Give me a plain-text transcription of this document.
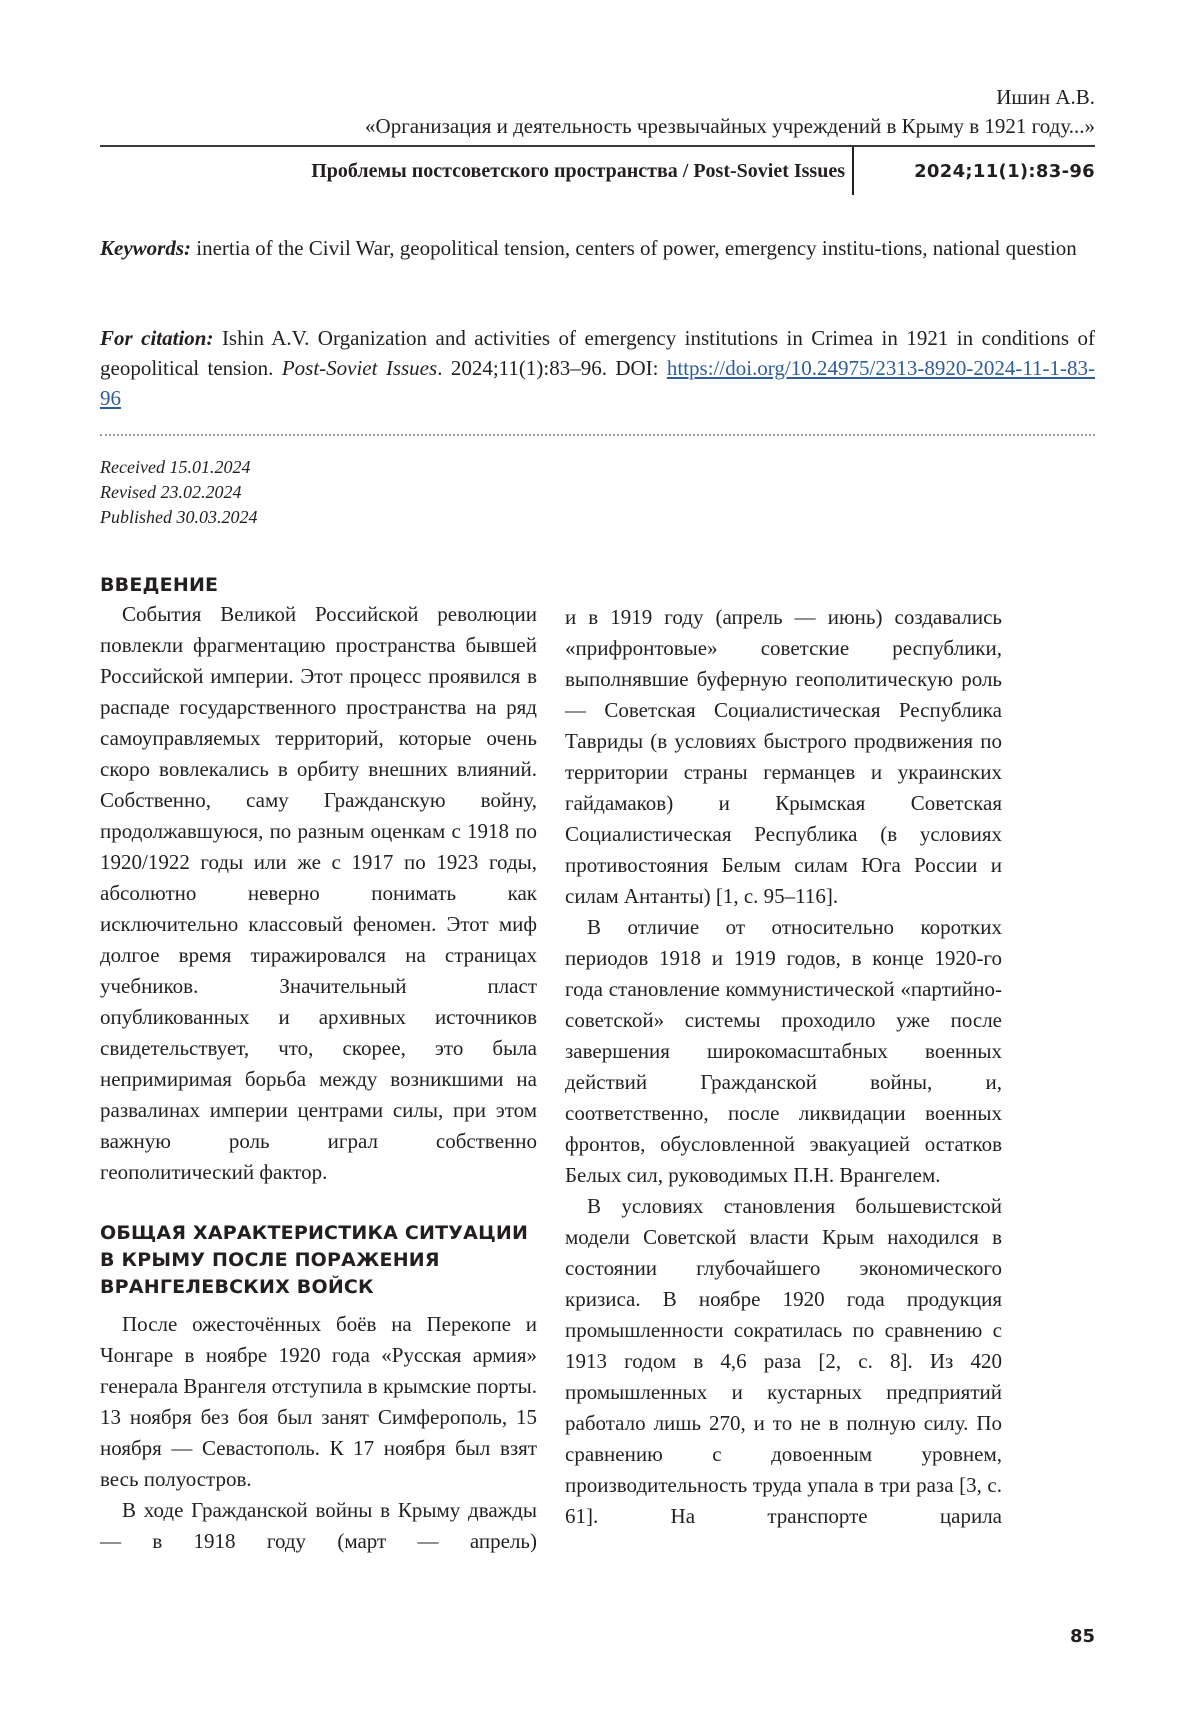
Ишин А.В.
«Организация и деятельность чрезвычайных учреждений в Крыму в 1921 году...»
Проблемы постсоветского пространства / Post-Soviet Issues	2024;11(1):83-96
Keywords: inertia of the Civil War, geopolitical tension, centers of power, emergency institu-tions, national question
For citation: Ishin A.V. Organization and activities of emergency institutions in Crimea in 1921 in conditions of geopolitical tension. Post-Soviet Issues. 2024;11(1):83–96. DOI: https://doi.org/10.24975/2313-8920-2024-11-1-83-96
Received 15.01.2024
Revised 23.02.2024
Published 30.03.2024
ВВЕДЕНИЕ

События Великой Российской революции повлекли фрагментацию пространства бывшей Российской империи. Этот процесс проявился в распаде государственного пространства на ряд самоуправляемых территорий, которые очень скоро вовлекались в орбиту внешних влияний. Собственно, саму Гражданскую войну, продолжавшуюся, по разным оценкам с 1918 по 1920/1922 годы или же с 1917 по 1923 годы, абсолютно неверно понимать как исключительно классовый феномен. Этот миф долгое время тиражировался на страницах учебников. Значительный пласт опубликованных и архивных источников свидетельствует, что, скорее, это была непримиримая борьба между возникшими на развалинах империи центрами силы, при этом важную роль играл собственно геополитический фактор.

ОБЩАЯ ХАРАКТЕРИСТИКА СИТУАЦИИ В КРЫМУ ПОСЛЕ ПОРАЖЕНИЯ ВРАНГЕЛЕВСКИХ ВОЙСК

После ожесточённых боёв на Перекопе и Чонгаре в ноябре 1920 года «Русская армия» генерала Врангеля отступила в крымские порты. 13 ноября без боя был занят Симферополь, 15 ноября — Севастополь. К 17 ноября был взят весь полуостров.

В ходе Гражданской войны в Крыму дважды — в 1918 году (март — апрель)

и в 1919 году (апрель — июнь) создавались «прифронтовые» советские республики, выполнявшие буферную геополитическую роль — Советская Социалистическая Республика Тавриды (в условиях быстрого продвижения по территории страны германцев и украинских гайдамаков) и Крымская Советская Социалистическая Республика (в условиях противостояния Белым силам Юга России и силам Антанты) [1, с. 95–116].

В отличие от относительно коротких периодов 1918 и 1919 годов, в конце 1920-го года становление коммунистической «партийно-советской» системы проходило уже после завершения широкомасштабных военных действий Гражданской войны, и, соответственно, после ликвидации военных фронтов, обусловленной эвакуацией остатков Белых сил, руководимых П.Н. Врангелем.

В условиях становления большевистской модели Советской власти Крым находился в состоянии глубочайшего экономического кризиса. В ноябре 1920 года продукция промышленности сократилась по сравнению с 1913 годом в 4,6 раза [2, с. 8]. Из 420 промышленных и кустарных предприятий работало лишь 270, и то не в полную силу. По сравнению с довоенным уровнем, производительность труда упала в три раза [3, с. 61]. На транспорте царила

85
